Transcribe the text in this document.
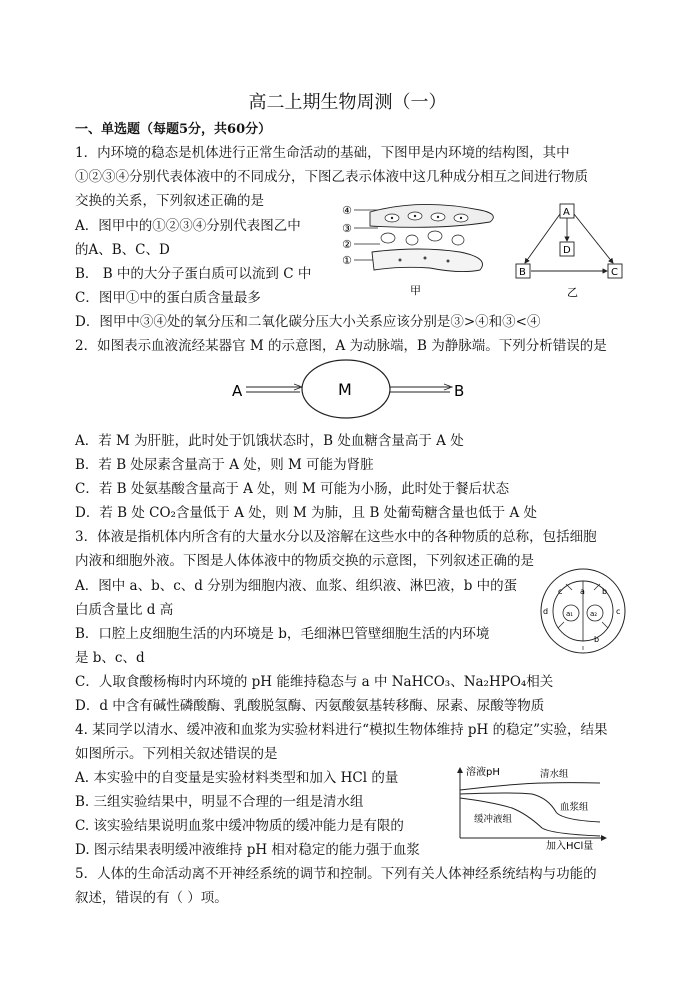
高二上期生物周测（一）
一、单选题（每题5分，共60分）
1．内环境的稳态是机体进行正常生命活动的基础，下图甲是内环境的结构图，其中
①②③④分别代表体液中的不同成分，下图乙表示体液中这几种成分相互之间进行物质
交换的关系，下列叙述正确的是
A．图甲中的①②③④分别代表图乙中
的A、B、C、D
B． B 中的大分子蛋白质可以流到 C 中
C．图甲①中的蛋白质含量最多
D．图甲中③④处的氧分压和二氧化碳分压大小关系应该分别是③>④和③<④
④
③
②
①
甲
A
D
B	C
乙
2．如图表示血液流经某器官 M 的示意图，A 为动脉端，B 为静脉端。下列分析错误的是
A	M	B
A．若 M 为肝脏，此时处于饥饿状态时，B 处血糖含量高于 A 处
B．若 B 处尿素含量高于 A 处，则 M 可能为肾脏
C．若 B 处氨基酸含量高于 A 处，则 M 可能为小肠，此时处于餐后状态
D．若 B 处 CO₂含量低于 A 处，则 M 为肺，且 B 处葡萄糖含量也低于 A 处
3．体液是指机体内所含有的大量水分以及溶解在这些水中的各种物质的总称，包括细胞
内液和细胞外液。下图是人体体液中的物质交换的示意图，下列叙述正确的是
A．图中 a、b、c、d 分别为细胞内液、血浆、组织液、淋巴液，b 中的蛋
白质含量比 d 高
B．口腔上皮细胞生活的内环境是 b，毛细淋巴管壁细胞生活的内环境
是 b、c、d
C．人取食酸杨梅时内环境的 pH 能维持稳态与 a 中 NaHCO₃、Na₂HPO₄相关
D．d 中含有碱性磷酸酶、乳酸脱氢酶、丙氨酸氨基转移酶、尿素、尿酸等物质
a₁ a₂
a
c	b
d	c
b
4. 某同学以清水、缓冲液和血浆为实验材料进行“模拟生物体维持 pH 的稳定”实验，结果
如图所示。下列相关叙述错误的是
A. 本实验中的自变量是实验材料类型和加入 HCl 的量
B. 三组实验结果中，明显不合理的一组是清水组
C. 该实验结果说明血浆中缓冲物质的缓冲能力是有限的
D. 图示结果表明缓冲液维持 pH 相对稳定的能力强于血浆
溶液pH
加入HCl量
清水组
血浆组
缓冲液组
5．人体的生命活动离不开神经系统的调节和控制。下列有关人体神经系统结构与功能的
叙述，错误的有（ ）项。
